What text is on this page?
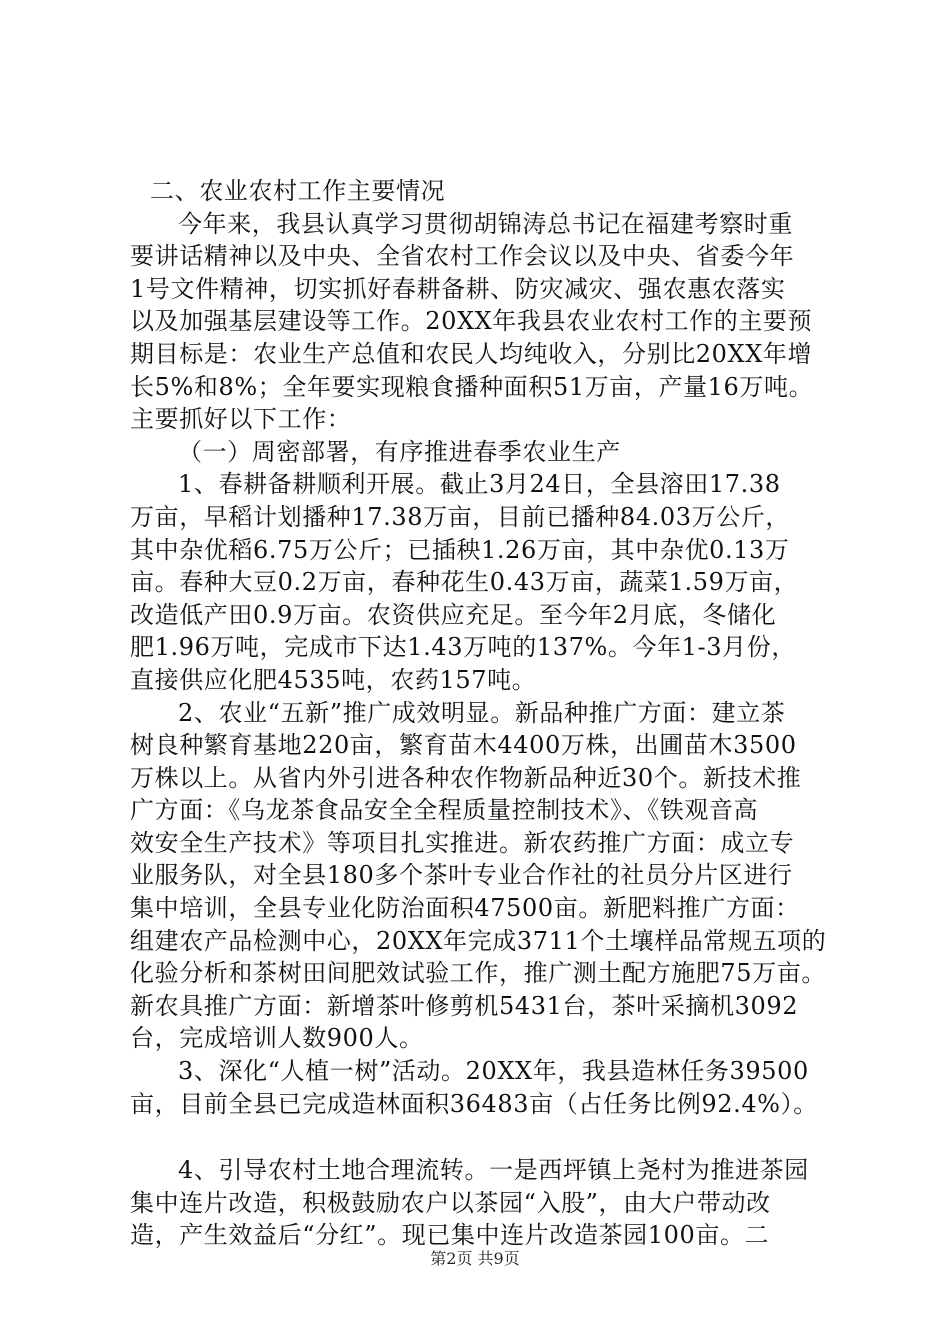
二、农业农村工作主要情况
今年来，我县认真学习贯彻胡锦涛总书记在福建考察时重
要讲话精神以及中央、全省农村工作会议以及中央、省委今年
1号文件精神，切实抓好春耕备耕、防灾减灾、强农惠农落实
以及加强基层建设等工作。20XX年我县农业农村工作的主要预
期目标是：农业生产总值和农民人均纯收入，分别比20XX年增
长5%和8%；全年要实现粮食播种面积51万亩，产量16万吨。
主要抓好以下工作：
（一）周密部署，有序推进春季农业生产
1、春耕备耕顺利开展。截止3月24日，全县溶田17.38
万亩，早稻计划播种17.38万亩，目前已播种84.03万公斤，
其中杂优稻6.75万公斤；已插秧1.26万亩，其中杂优0.13万
亩。春种大豆0.2万亩，春种花生0.43万亩，蔬菜1.59万亩，
改造低产田0.9万亩。农资供应充足。至今年2月底，冬储化
肥1.96万吨，完成市下达1.43万吨的137%。今年1-3月份，
直接供应化肥4535吨，农药157吨。
2、农业“五新”推广成效明显。新品种推广方面：建立茶
树良种繁育基地220亩，繁育苗木4400万株，出圃苗木3500
万株以上。从省内外引进各种农作物新品种近30个。新技术推
广方面：《乌龙茶食品安全全程质量控制技术》、《铁观音高
效安全生产技术》等项目扎实推进。新农药推广方面：成立专
业服务队，对全县180多个茶叶专业合作社的社员分片区进行
集中培训，全县专业化防治面积47500亩。新肥料推广方面：
组建农产品检测中心，20XX年完成3711个土壤样品常规五项的
化验分析和茶树田间肥效试验工作，推广测土配方施肥75万亩。
新农具推广方面：新增茶叶修剪机5431台，茶叶采摘机3092
台，完成培训人数900人。
3、深化“人植一树”活动。20XX年，我县造林任务39500
亩，目前全县已完成造林面积36483亩（占任务比例92.4%）。
4、引导农村土地合理流转。一是西坪镇上尧村为推进茶园
集中连片改造，积极鼓励农户以茶园“入股”，由大户带动改
造，产生效益后“分红”。现已集中连片改造茶园100亩。二
第2页 共9页
